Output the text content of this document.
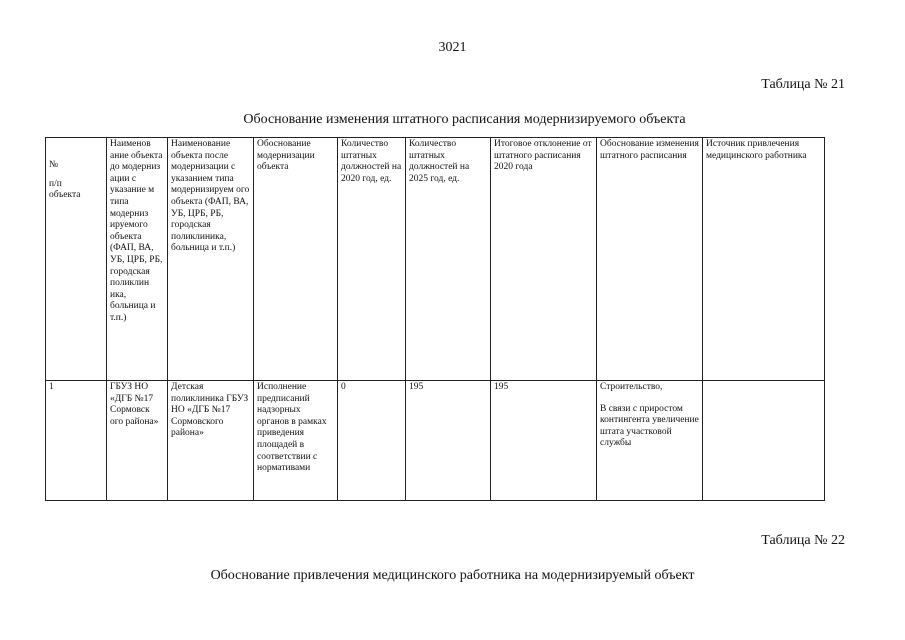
3021
Таблица № 21
Обоснование изменения штатного расписания модернизируемого объекта
№
п/п
объекта	Наименов ание объекта до модерниз ации с указание м типа модерниз ируемого объекта (ФАП, ВА, УБ, ЦРБ, РБ, городская поликлин ика, больница и т.п.)	Наименование объекта после модернизации с указанием типа модернизируем ого объекта (ФАП, ВА, УБ, ЦРБ, РБ, городская поликлиника, больница и т.п.)	Обоснование модернизации объекта	Количество штатных должностей на 2020 год, ед.	Количество штатных должностей на 2025 год, ед.	Итоговое отклонение от штатного расписания 2020 года	Обоснование изменения штатного расписания	Источник привлечения медицинского работника
1	ГБУЗ НО «ДГБ №17 Сормовск ого района»	Детская поликлиника ГБУЗ НО «ДГБ №17 Сормовского района»	Исполнение предписаний надзорных органов в рамках приведения площадей в соответствии с нормативами	0	195	195	Строительство,
В связи с приростом контингента увеличение штата участковой службы	
Таблица № 22
Обоснование привлечения медицинского работника на модернизируемый объект
